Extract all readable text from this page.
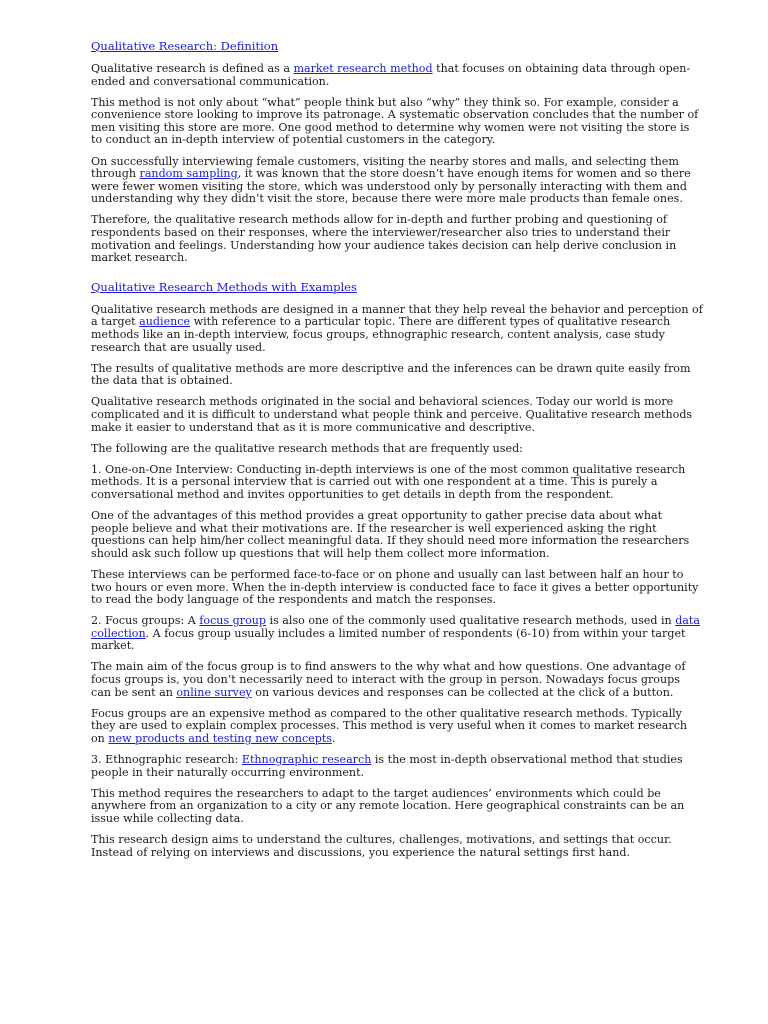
Qualitative Research: Definition

Qualitative research is defined as a market research method that focuses on obtaining data through open-ended and conversational communication.

This method is not only about “what” people think but also “why” they think so. For example, consider a convenience store looking to improve its patronage. A systematic observation concludes that the number of men visiting this store are more. One good method to determine why women were not visiting the store is to conduct an in-depth interview of potential customers in the category.

On successfully interviewing female customers, visiting the nearby stores and malls, and selecting them through random sampling, it was known that the store doesn’t have enough items for women and so there were fewer women visiting the store, which was understood only by personally interacting with them and understanding why they didn’t visit the store, because there were more male products than female ones.

Therefore, the qualitative research methods allow for in-depth and further probing and questioning of respondents based on their responses, where the interviewer/researcher also tries to understand their motivation and feelings. Understanding how your audience takes decision can help derive conclusion in market research.

Qualitative Research Methods with Examples

Qualitative research methods are designed in a manner that they help reveal the behavior and perception of a target audience with reference to a particular topic. There are different types of qualitative research methods like an in-depth interview, focus groups, ethnographic research, content analysis, case study research that are usually used.

The results of qualitative methods are more descriptive and the inferences can be drawn quite easily from the data that is obtained.

Qualitative research methods originated in the social and behavioral sciences. Today our world is more complicated and it is difficult to understand what people think and perceive. Qualitative research methods make it easier to understand that as it is more communicative and descriptive.

The following are the qualitative research methods that are frequently used:

1. One-on-One Interview: Conducting in-depth interviews is one of the most common qualitative research methods. It is a personal interview that is carried out with one respondent at a time. This is purely a conversational method and invites opportunities to get details in depth from the respondent.

One of the advantages of this method provides a great opportunity to gather precise data about what people believe and what their motivations are. If the researcher is well experienced asking the right questions can help him/her collect meaningful data. If they should need more information the researchers should ask such follow up questions that will help them collect more information.

These interviews can be performed face-to-face or on phone and usually can last between half an hour to two hours or even more. When the in-depth interview is conducted face to face it gives a better opportunity to read the body language of the respondents and match the responses.

2. Focus groups: A focus group is also one of the commonly used qualitative research methods, used in data collection. A focus group usually includes a limited number of respondents (6-10) from within your target market.

The main aim of the focus group is to find answers to the why what and how questions. One advantage of focus groups is, you don’t necessarily need to interact with the group in person. Nowadays focus groups can be sent an online survey on various devices and responses can be collected at the click of a button.

Focus groups are an expensive method as compared to the other qualitative research methods. Typically they are used to explain complex processes. This method is very useful when it comes to market research on new products and testing new concepts.

3. Ethnographic research: Ethnographic research is the most in-depth observational method that studies people in their naturally occurring environment.

This method requires the researchers to adapt to the target audiences’ environments which could be anywhere from an organization to a city or any remote location. Here geographical constraints can be an issue while collecting data.

This research design aims to understand the cultures, challenges, motivations, and settings that occur. Instead of relying on interviews and discussions, you experience the natural settings first hand.
